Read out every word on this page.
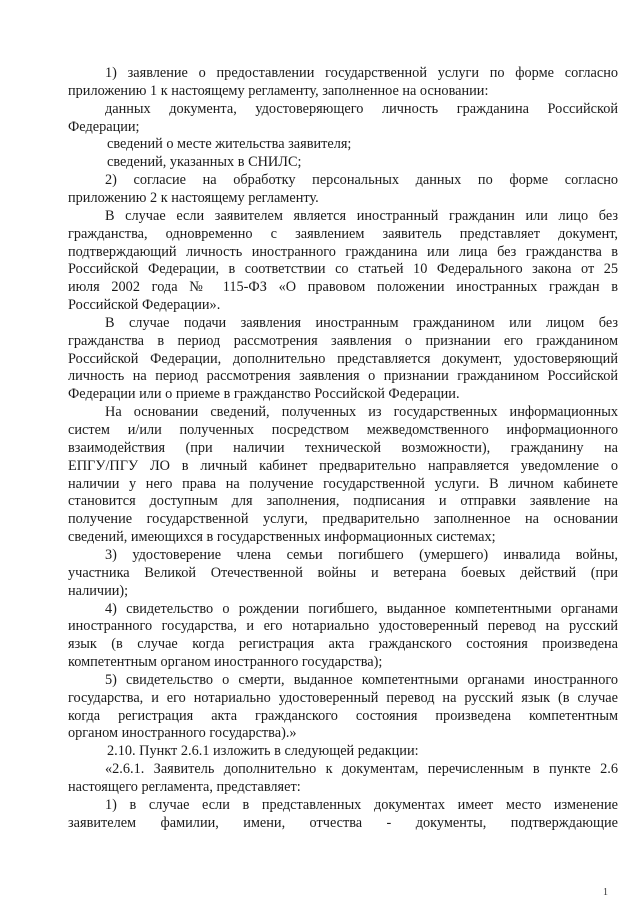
1) заявление о предоставлении государственной услуги по форме согласно
приложению 1 к настоящему регламенту, заполненное на основании:
данных документа, удостоверяющего личность гражданина Российской
Федерации;
сведений о месте жительства заявителя;
сведений, указанных в СНИЛС;
2) согласие на обработку персональных данных по форме согласно
приложению 2 к настоящему регламенту.
В случае если заявителем является иностранный гражданин или лицо без
гражданства, одновременно с заявлением заявитель представляет документ,
подтверждающий личность иностранного гражданина или лица без гражданства в
Российской Федерации, в соответствии со статьей 10 Федерального закона от 25
июля 2002 года № 115-ФЗ «О правовом положении иностранных граждан в
Российской Федерации».
В случае подачи заявления иностранным гражданином или лицом без
гражданства в период рассмотрения заявления о признании его гражданином
Российской Федерации, дополнительно представляется документ, удостоверяющий
личность на период рассмотрения заявления о признании гражданином Российской
Федерации или о приеме в гражданство Российской Федерации.
На основании сведений, полученных из государственных информационных
систем и/или полученных посредством межведомственного информационного
взаимодействия (при наличии технической возможности), гражданину на
ЕПГУ/ПГУ ЛО в личный кабинет предварительно направляется уведомление о
наличии у него права на получение государственной услуги. В личном кабинете
становится доступным для заполнения, подписания и отправки заявление на
получение государственной услуги, предварительно заполненное на основании
сведений, имеющихся в государственных информационных системах;
3) удостоверение члена семьи погибшего (умершего) инвалида войны,
участника Великой Отечественной войны и ветерана боевых действий (при
наличии);
4) свидетельство о рождении погибшего, выданное компетентными органами
иностранного государства, и его нотариально удостоверенный перевод на русский
язык (в случае когда регистрация акта гражданского состояния произведена
компетентным органом иностранного государства);
5) свидетельство о смерти, выданное компетентными органами иностранного
государства, и его нотариально удостоверенный перевод на русский язык (в случае
когда регистрация акта гражданского состояния произведена компетентным
органом иностранного государства).»
2.10. Пункт 2.6.1 изложить в следующей редакции:
«2.6.1. Заявитель дополнительно к документам, перечисленным в пункте 2.6
настоящего регламента, представляет:
1) в случае если в представленных документах имеет место изменение
заявителем фамилии, имени, отчества - документы, подтверждающие
1
